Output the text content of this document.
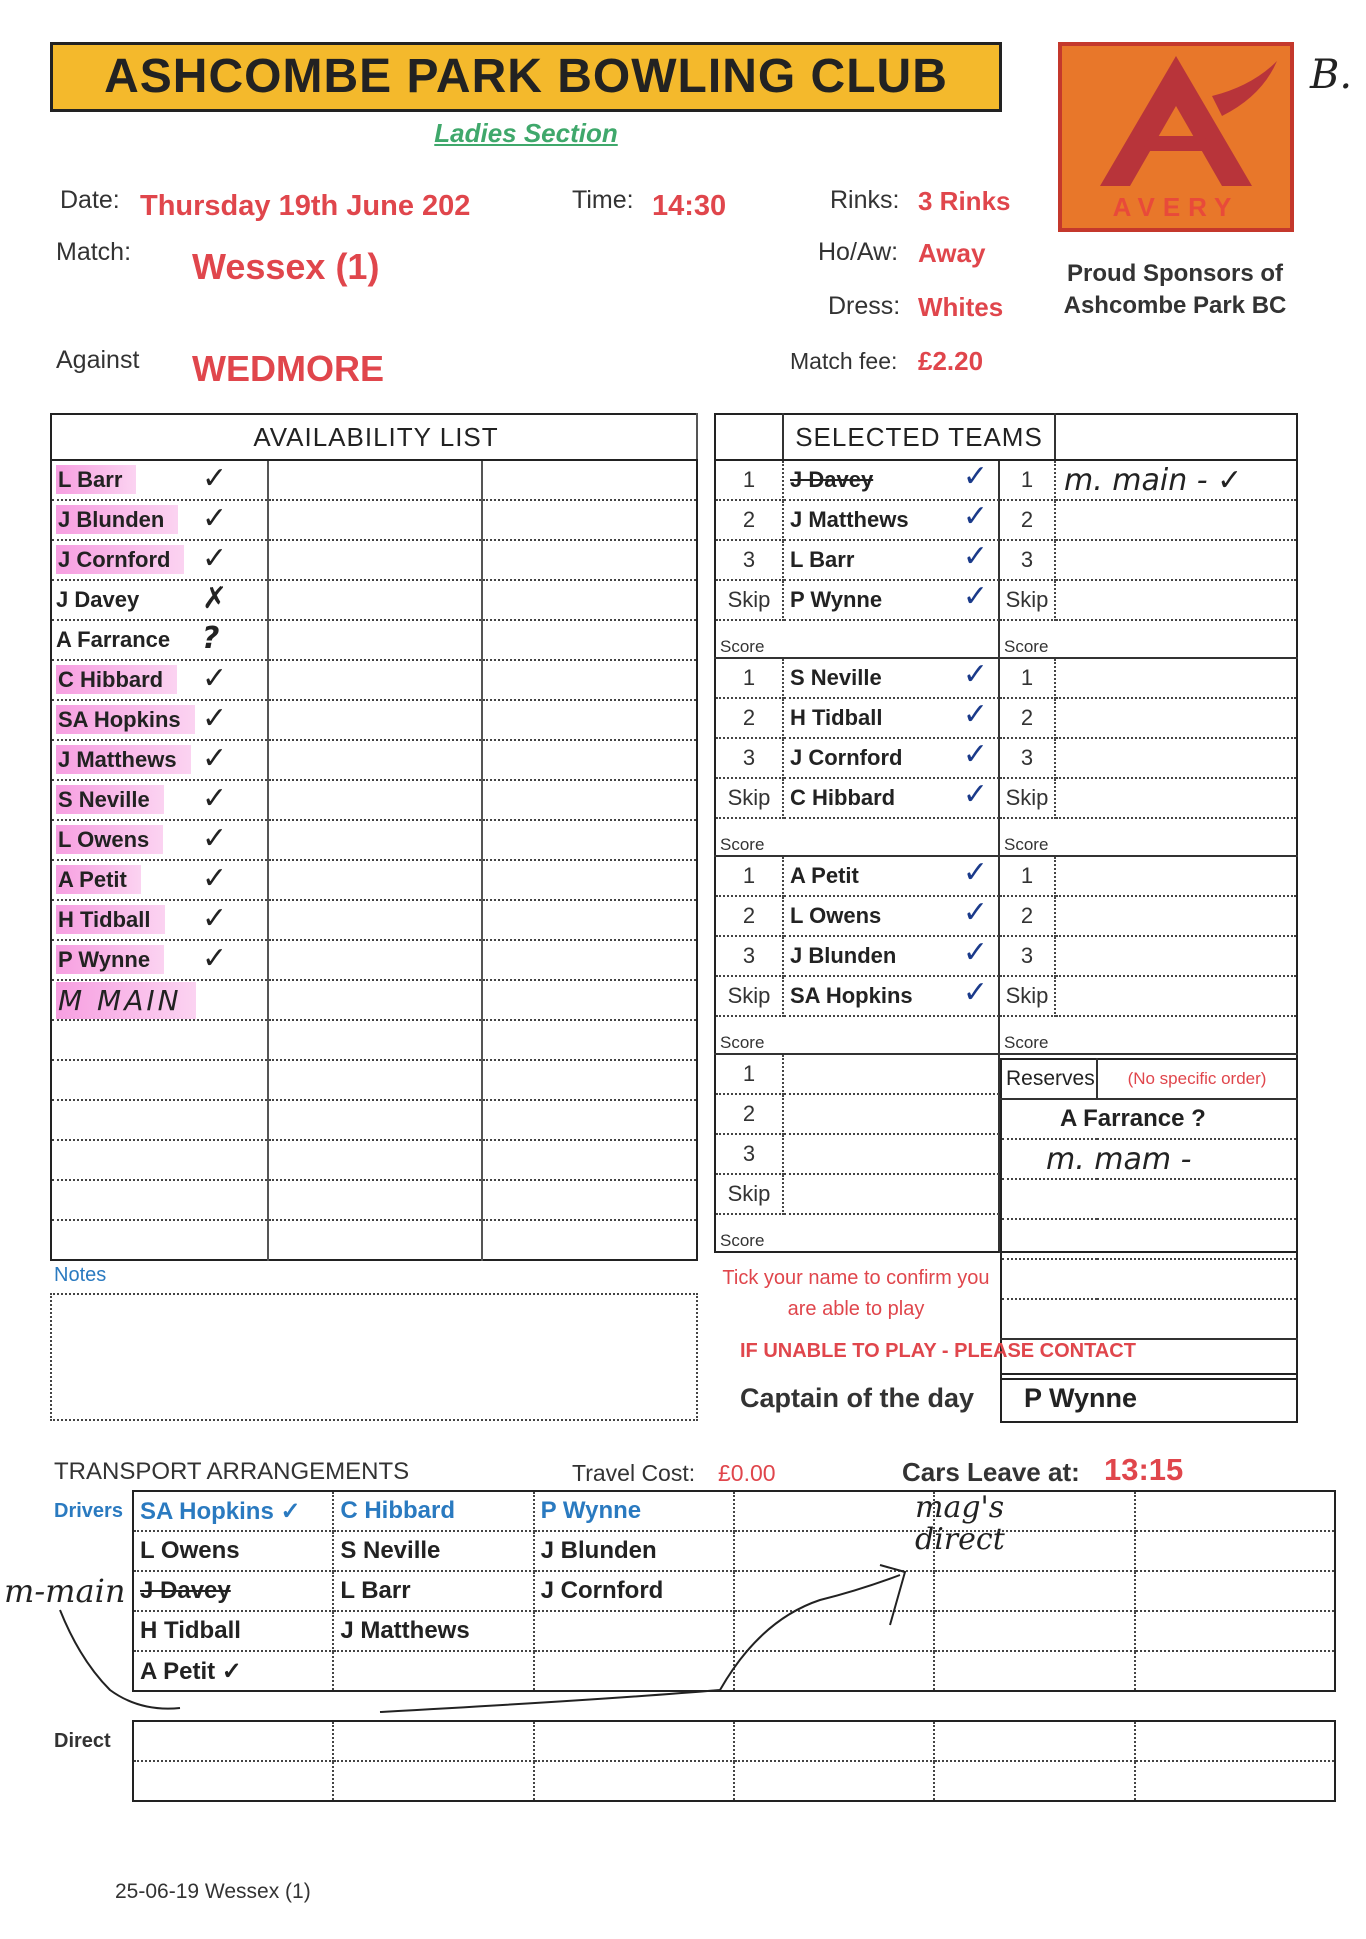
ASHCOMBE PARK BOWLING CLUB
Ladies Section
AVERY
Proud Sponsors of Ashcombe Park BC
B.
Date: Thursday 19th June 202	Time: 14:30	Rinks: 3 Rinks
Match: Wessex (1)	Ho/Aw: Away
Dress: Whites
Against WEDMORE	Match fee: £2.20
AVAILABILITY LIST		
L Barr ✓		

J Blunden ✓		

J Cornford ✓		

J Davey ✗		

A Farrance ?		

C Hibbard ✓		

SA Hopkins ✓		

J Matthews ✓		

S Neville ✓		

L Owens ✓		

A Petit ✓		

H Tidball ✓		

P Wynne ✓		

M MAIN		

	SELECTED TEAMS		
1	J Davey ✓	1	m. main - ✓
2	J Matthews ✓	2	
3	L Barr ✓	3	
Skip	P Wynne ✓	Skip	
Score		Score	
1	S Neville ✓	1	
2	H Tidball ✓	2	
3	J Cornford ✓	3	
Skip	C Hibbard ✓	Skip	
Score		Score	
1	A Petit ✓	1	
2	L Owens ✓	2	
3	J Blunden ✓	3	
Skip	SA Hopkins ✓	Skip	
Score		Score	
1		
2		
3		
Skip		
Score			
Reserves	(No specific order)
A Farrance ?
m. mam -

Notes	Tick your name to confirm you are able to play
IF UNABLE TO PLAY - PLEASE CONTACT
Captain of the day	P Wynne
TRANSPORT ARRANGEMENTS	Travel Cost: £0.00	Cars Leave at: 13:15
Drivers SA Hopkins ✓	C Hibbard	P Wynne			
L Owens	S Neville	J Blunden			
J Davey	L Barr	J Cornford			
H Tidball	J Matthews				
A Petit ✓					
mag's direct
m-main
Direct

25-06-19 Wessex (1)
